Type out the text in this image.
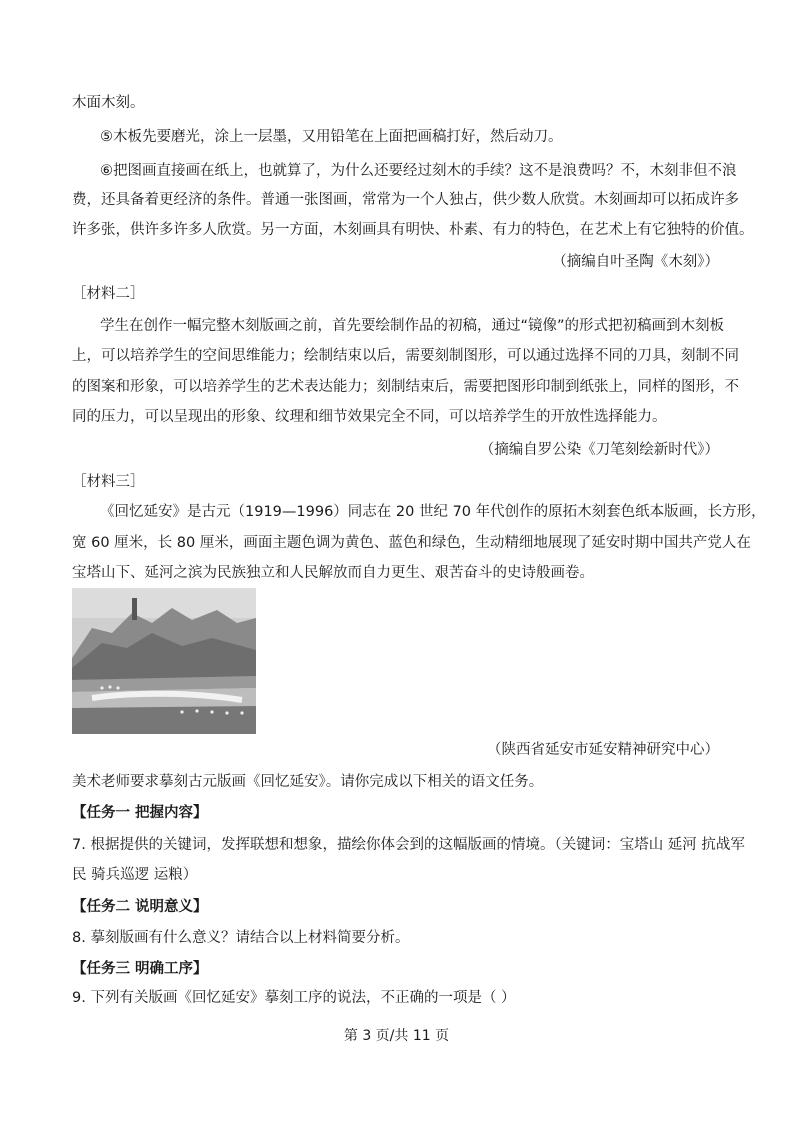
木面木刻。
⑤木板先要磨光，涂上一层墨，又用铅笔在上面把画稿打好，然后动刀。
⑥把图画直接画在纸上，也就算了，为什么还要经过刻木的手续？这不是浪费吗？不，木刻非但不浪
费，还具备着更经济的条件。普通一张图画，常常为一个人独占，供少数人欣赏。木刻画却可以拓成许多
许多张，供许多许多人欣赏。另一方面，木刻画具有明快、朴素、有力的特色，在艺术上有它独特的价值。
（摘编自叶圣陶《木刻》）
［材料二］
学生在创作一幅完整木刻版画之前，首先要绘制作品的初稿，通过“镜像”的形式把初稿画到木刻板
上，可以培养学生的空间思维能力；绘制结束以后，需要刻制图形，可以通过选择不同的刀具，刻制不同
的图案和形象，可以培养学生的艺术表达能力；刻制结束后，需要把图形印制到纸张上，同样的图形，不
同的压力，可以呈现出的形象、纹理和细节效果完全不同，可以培养学生的开放性选择能力。
（摘编自罗公染《刀笔刻绘新时代》）
［材料三］
《回忆延安》是古元（1919—1996）同志在 20 世纪 70 年代创作的原拓木刻套色纸本版画，长方形，
宽 60 厘米，长 80 厘米，画面主题色调为黄色、蓝色和绿色，生动精细地展现了延安时期中国共产党人在
宝塔山下、延河之滨为民族独立和人民解放而自力更生、艰苦奋斗的史诗般画卷。
（陕西省延安市延安精神研究中心）
美术老师要求摹刻古元版画《回忆延安》。请你完成以下相关的语文任务。
【任务一 把握内容】
7. 根据提供的关键词，发挥联想和想象，描绘你体会到的这幅版画的情境。（关键词：宝塔山 延河 抗战军
民 骑兵巡逻 运粮）
【任务二 说明意义】
8. 摹刻版画有什么意义？请结合以上材料简要分析。
【任务三 明确工序】
9. 下列有关版画《回忆延安》摹刻工序的说法，不正确的一项是（ ）
第 3 页/共 11 页
